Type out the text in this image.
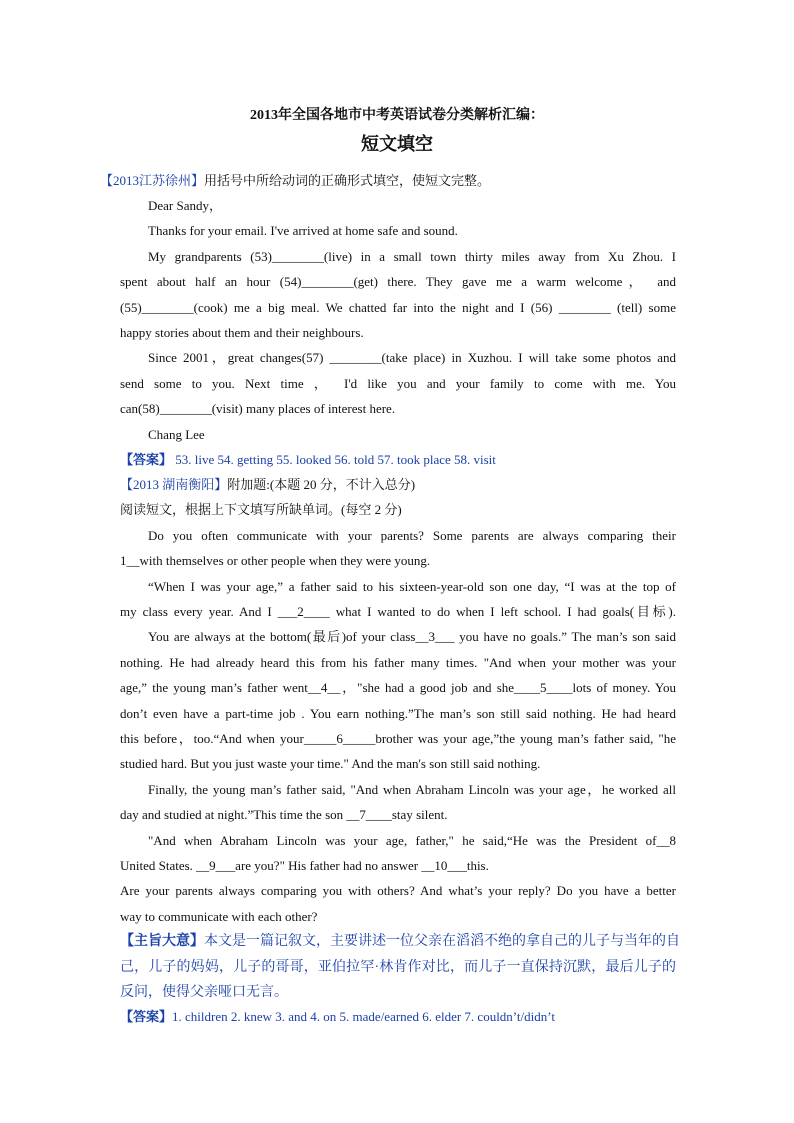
2013年全国各地市中考英语试卷分类解析汇编：
短文填空
【2013江苏徐州】用括号中所给动词的正确形式填空，使短文完整。
Dear Sandy，
Thanks for your email. I've arrived at home safe and sound.
My grandparents (53)________(live) in a small town thirty miles away from Xu Zhou. I
spent about half an hour (54)________(get) there. They gave me a warm welcome， and
(55)________(cook) me a big meal. We chatted far into the night and I (56) ________ (tell) some
happy stories about them and their neighbours.
Since 2001，great changes(57) ________(take place) in Xuzhou. I will take some photos and
send some to you. Next time ， I'd like you and your family to come with me. You
can(58)________(visit) many places of interest here.
Chang Lee
【答案】 53. live 54. getting 55. looked 56. told 57. took place 58. visit
【2013 湖南衡阳】附加题:(本题 20 分，不计入总分)
阅读短文，根据上下文填写所缺单词。(每空 2 分)
Do you often communicate with your parents? Some parents are always comparing their
1__with themselves or other people when they were young.
“When I was your age,” a father said to his sixteen-year-old son one day, “I was at the top of
my class every year. And I ___2____ what I wanted to do when I left school. I had goals(目标).
You are always at the bottom(最后)of your class__3___ you have no goals.” The man’s son said
nothing. He had already heard this from his father many times. "And when your mother was your
age,” the young man’s father went__4__，"she had a good job and she____5____lots of money. You
don’t even have a part-time job . You earn nothing.”The man’s son still said nothing. He had heard
this before，too.“And when your_____6_____brother was your age,”the young man’s father said, "he
studied hard. But you just waste your time." And the man's son still said nothing.
Finally, the young man’s father said, "And when Abraham Lincoln was your age，he worked all
day and studied at night.”This time the son __7____stay silent.
"And when Abraham Lincoln was your age, father," he said,“He was the President of__8
United States. __9___are you?" His father had no answer __10___this.
Are your parents always comparing you with others? And what’s your reply? Do you have a better
way to communicate with each other?
【主旨大意】本文是一篇记叙文，主要讲述一位父亲在滔滔不绝的拿自己的儿子与当年的自
己，儿子的妈妈，儿子的哥哥，亚伯拉罕·林肯作对比，而儿子一直保持沉默，最后儿子的
反问，使得父亲哑口无言。
【答案】1. children 2. knew 3. and 4. on 5. made/earned 6. elder 7. couldn’t/didn’t
